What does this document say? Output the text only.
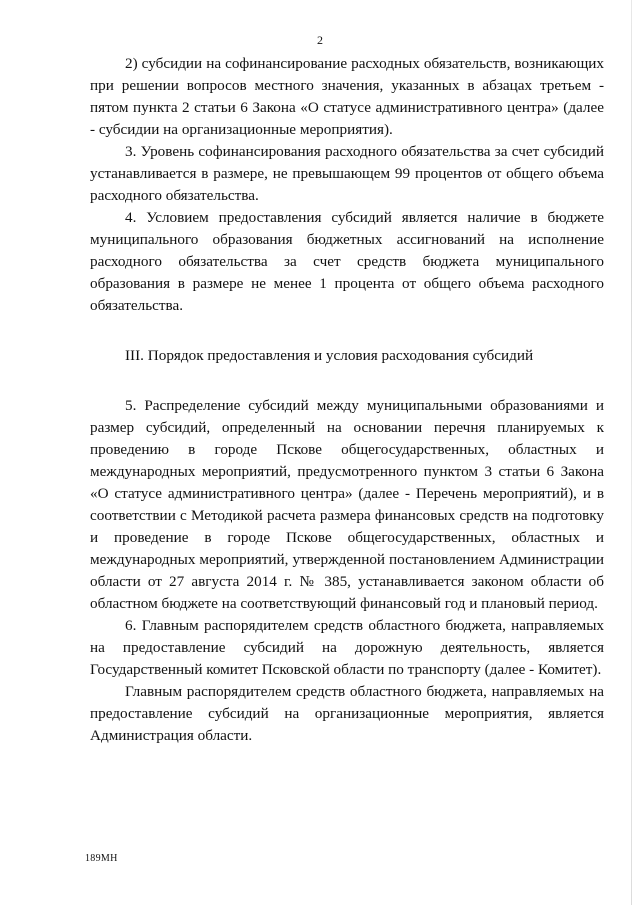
2

2) субсидии на софинансирование расходных обязательств, возникающих при решении вопросов местного значения, указанных в абзацах третьем - пятом пункта 2 статьи 6 Закона «О статусе административного центра» (далее - субсидии на организационные мероприятия).

3. Уровень софинансирования расходного обязательства за счет субсидий устанавливается в размере, не превышающем 99 процентов от общего объема расходного обязательства.

4. Условием предоставления субсидий является наличие в бюджете муниципального образования бюджетных ассигнований на исполнение расходного обязательства за счет средств бюджета муниципального образования в размере не менее 1 процента от общего объема расходного обязательства.

III. Порядок предоставления и условия расходования субсидий

5. Распределение субсидий между муниципальными образованиями и размер субсидий, определенный на основании перечня планируемых к проведению в городе Пскове общегосударственных, областных и международных мероприятий, предусмотренного пунктом 3 статьи 6 Закона «О статусе административного центра» (далее - Перечень мероприятий), и в соответствии с Методикой расчета размера финансовых средств на подготовку и проведение в городе Пскове общегосударственных, областных и международных мероприятий, утвержденной постановлением Администрации области от 27 августа 2014 г. № 385, устанавливается законом области об областном бюджете на соответствующий финансовый год и плановый период.

6. Главным распорядителем средств областного бюджета, направляемых на предоставление субсидий на дорожную деятельность, является Государственный комитет Псковской области по транспорту (далее - Комитет).

Главным распорядителем средств областного бюджета, направляемых на предоставление субсидий на организационные мероприятия, является Администрация области.

189МН
